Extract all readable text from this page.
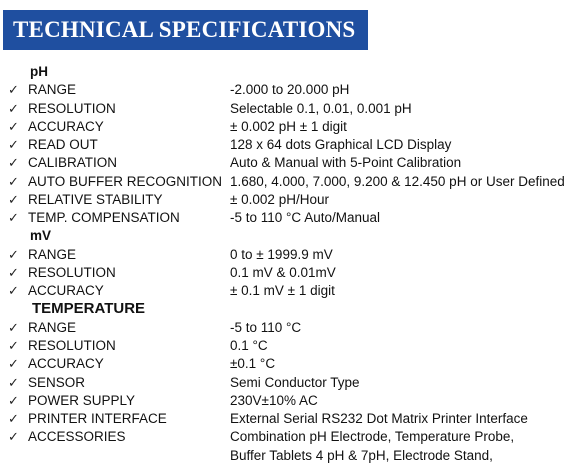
TECHNICAL SPECIFICATIONS
pH
✓ RANGE	-2.000 to 20.000 pH
✓ RESOLUTION	Selectable 0.1, 0.01, 0.001 pH
✓ ACCURACY	± 0.002 pH ± 1 digit
✓ READ OUT	128 x 64 dots Graphical LCD Display
✓ CALIBRATION	Auto & Manual with 5-Point Calibration
✓ AUTO BUFFER RECOGNITION 1.680, 4.000, 7.000, 9.200 & 12.450 pH or User Defined
✓ RELATIVE STABILITY	± 0.002 pH/Hour
✓ TEMP. COMPENSATION	-5 to 110 °C Auto/Manual
mV
✓ RANGE	0 to ± 1999.9 mV
✓ RESOLUTION	0.1 mV & 0.01mV
✓ ACCURACY	± 0.1 mV ± 1 digit
TEMPERATURE
✓ RANGE	-5 to 110 °C
✓ RESOLUTION	0.1 °C
✓ ACCURACY	±0.1 °C
✓ SENSOR	Semi Conductor Type
✓ POWER SUPPLY	230V±10% AC
✓ PRINTER INTERFACE	External Serial RS232 Dot Matrix Printer Interface
✓ ACCESSORIES	Combination pH Electrode, Temperature Probe,
Buffer Tablets 4 pH & 7pH, Electrode Stand,
